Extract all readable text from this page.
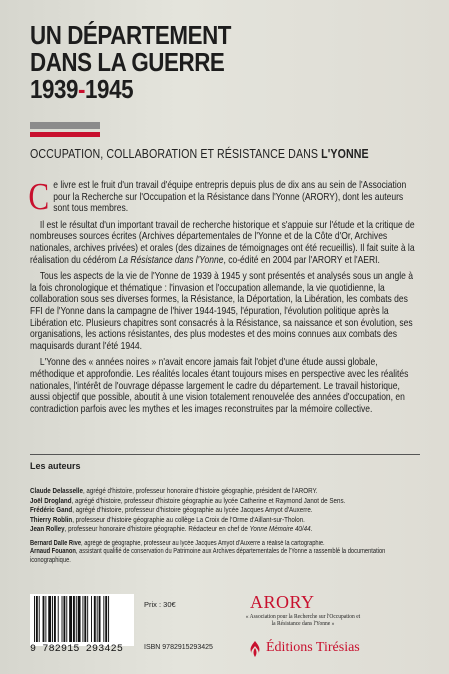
UN DÉPARTEMENT
DANS LA GUERRE
1939-1945
OCCUPATION, COLLABORATION ET RÉSISTANCE DANS L'YONNE

Ce livre est le fruit d'un travail d'équipe entrepris depuis plus de dix ans au sein de l'Association pour la Recherche sur l'Occupation et la Résistance dans l'Yonne (ARORY), dont les auteurs sont tous membres.

Il est le résultat d'un important travail de recherche historique et s'appuie sur l'étude et la critique de nombreuses sources écrites (Archives départementales de l'Yonne et de la Côte d'Or, Archives nationales, archives privées) et orales (des dizaines de témoignages ont été recueillis). Il fait suite à la réalisation du cédérom La Résistance dans l'Yonne, co-édité en 2004 par l'ARORY et l'AERI.

Tous les aspects de la vie de l'Yonne de 1939 à 1945 y sont présentés et analysés sous un angle à la fois chronologique et thématique : l'invasion et l'occupation allemande, la vie quotidienne, la collaboration sous ses diverses formes, la Résistance, la Déportation, la Libération, les combats des FFI de l'Yonne dans la campagne de l'hiver 1944-1945, l'épuration, l'évolution politique après la Libération etc. Plusieurs chapitres sont consacrés à la Résistance, sa naissance et son évolution, ses organisations, les actions résistantes, des plus modestes et des moins connues aux combats des maquisards durant l'été 1944.

L'Yonne des « années noires » n'avait encore jamais fait l'objet d'une étude aussi globale, méthodique et approfondie. Les réalités locales étant toujours mises en perspective avec les réalités nationales, l'intérêt de l'ouvrage dépasse largement le cadre du département. Le travail historique, aussi objectif que possible, aboutit à une vision totalement renouvelée des années d'occupation, en contradiction parfois avec les mythes et les images reconstruites par la mémoire collective.

Les auteurs
Claude Delasselle, agrégé d'histoire, professeur honoraire d'histoire géographie, président de l'ARORY.
Joël Drogland, agrégé d'histoire, professeur d'histoire géographie au lycée Catherine et Raymond Janot de Sens.
Frédéric Gand, agrégé d'histoire, professeur d'histoire géographie au lycée Jacques Amyot d'Auxerre.
Thierry Roblin, professeur d'histoire géographie au collège La Croix de l'Orme d'Aillant-sur-Tholon.
Jean Rolley, professeur honoraire d'histoire géographie. Rédacteur en chef de Yonne Mémoire 40/44.
Bernard Dalle Rive, agrégé de géographie, professeur au lycée Jacques Amyot d'Auxerre a réalisé la cartographie.
Arnaud Fouanon, assistant qualifié de conservation du Patrimoine aux Archives départementales de l'Yonne a rassemblé la documentation
iconographique.
9 782915 293425
Prix : 30€
ISBN 9782915293425
ARORY
« Association pour la Recherche sur l'Occupation et la Résistance dans l'Yonne »
Éditions Tirésias
